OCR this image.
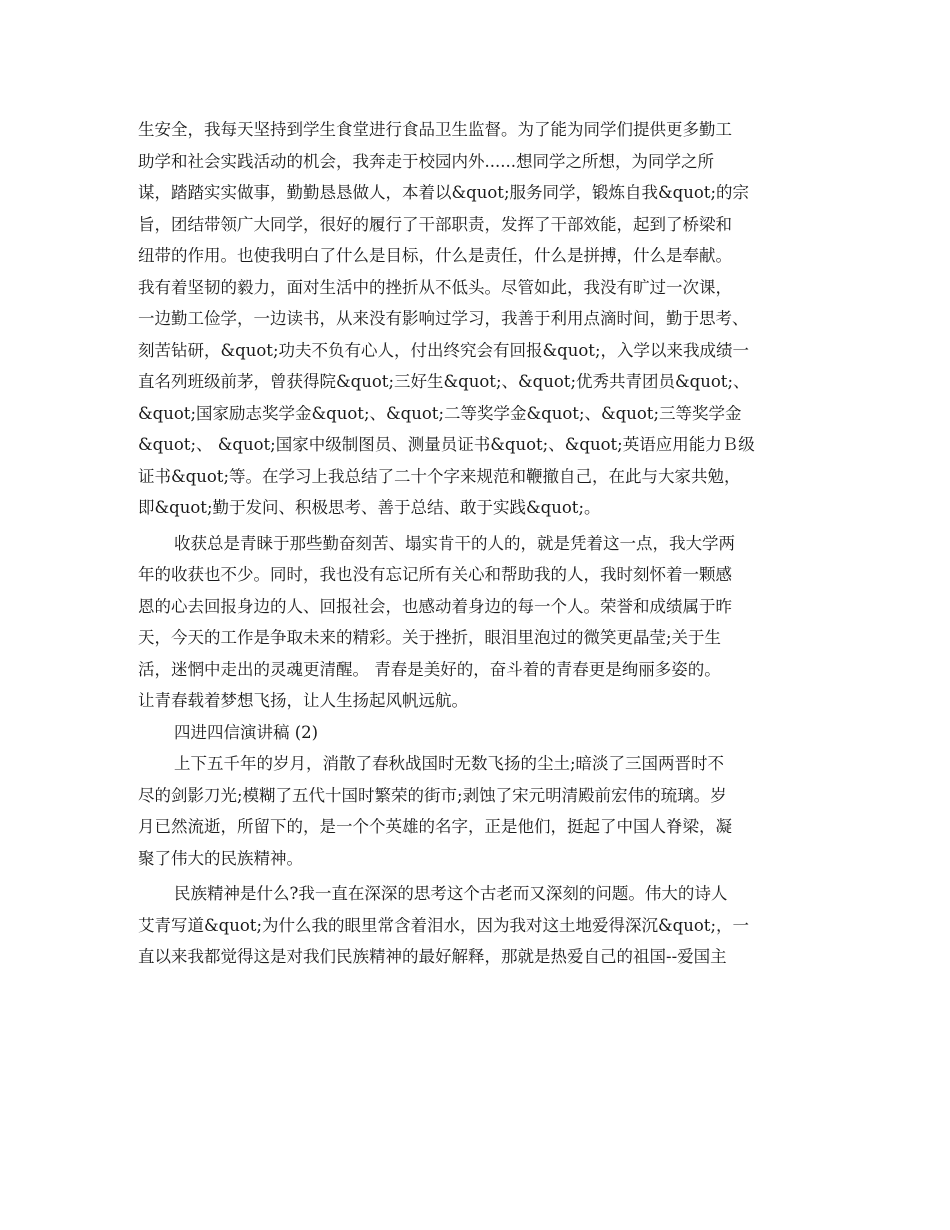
生安全，我每天坚持到学生食堂进行食品卫生监督。为了能为同学们提供更多勤工
助学和社会实践活动的机会，我奔走于校园内外......想同学之所想，为同学之所
谋，踏踏实实做事，勤勤恳恳做人，本着以&quot;服务同学，锻炼自我&quot;的宗
旨，团结带领广大同学，很好的履行了干部职责，发挥了干部效能，起到了桥梁和
纽带的作用。也使我明白了什么是目标，什么是责任，什么是拼搏，什么是奉献。
我有着坚韧的毅力，面对生活中的挫折从不低头。尽管如此，我没有旷过一次课，
一边勤工俭学，一边读书，从来没有影响过学习，我善于利用点滴时间，勤于思考、
刻苦钻研，&quot;功夫不负有心人，付出终究会有回报&quot;，入学以来我成绩一
直名列班级前茅，曾获得院&quot;三好生&quot;、&quot;优秀共青团员&quot;、
&quot;国家励志奖学金&quot;、&quot;二等奖学金&quot;、&quot;三等奖学金
&quot;、 &quot;国家中级制图员、测量员证书&quot;、&quot;英语应用能力Ｂ级
证书&quot;等。在学习上我总结了二十个字来规范和鞭撤自己，在此与大家共勉，
即&quot;勤于发问、积极思考、善于总结、敢于实践&quot;。
收获总是青睐于那些勤奋刻苦、塌实肯干的人的，就是凭着这一点，我大学两
年的收获也不少。同时，我也没有忘记所有关心和帮助我的人，我时刻怀着一颗感
恩的心去回报身边的人、回报社会，也感动着身边的每一个人。荣誉和成绩属于昨
天，今天的工作是争取未来的精彩。关于挫折，眼泪里泡过的微笑更晶莹;关于生
活，迷惘中走出的灵魂更清醒。 青春是美好的，奋斗着的青春更是绚丽多姿的。
让青春载着梦想飞扬，让人生扬起风帆远航。
四进四信演讲稿 (2)
上下五千年的岁月，消散了春秋战国时无数飞扬的尘土;暗淡了三国两晋时不
尽的剑影刀光;模糊了五代十国时繁荣的街市;剥蚀了宋元明清殿前宏伟的琉璃。岁
月已然流逝，所留下的，是一个个英雄的名字，正是他们，挺起了中国人脊梁，凝
聚了伟大的民族精神。
民族精神是什么?我一直在深深的思考这个古老而又深刻的问题。伟大的诗人
艾青写道&quot;为什么我的眼里常含着泪水，因为我对这土地爱得深沉&quot;，一
直以来我都觉得这是对我们民族精神的最好解释，那就是热爱自己的祖国--爱国主
